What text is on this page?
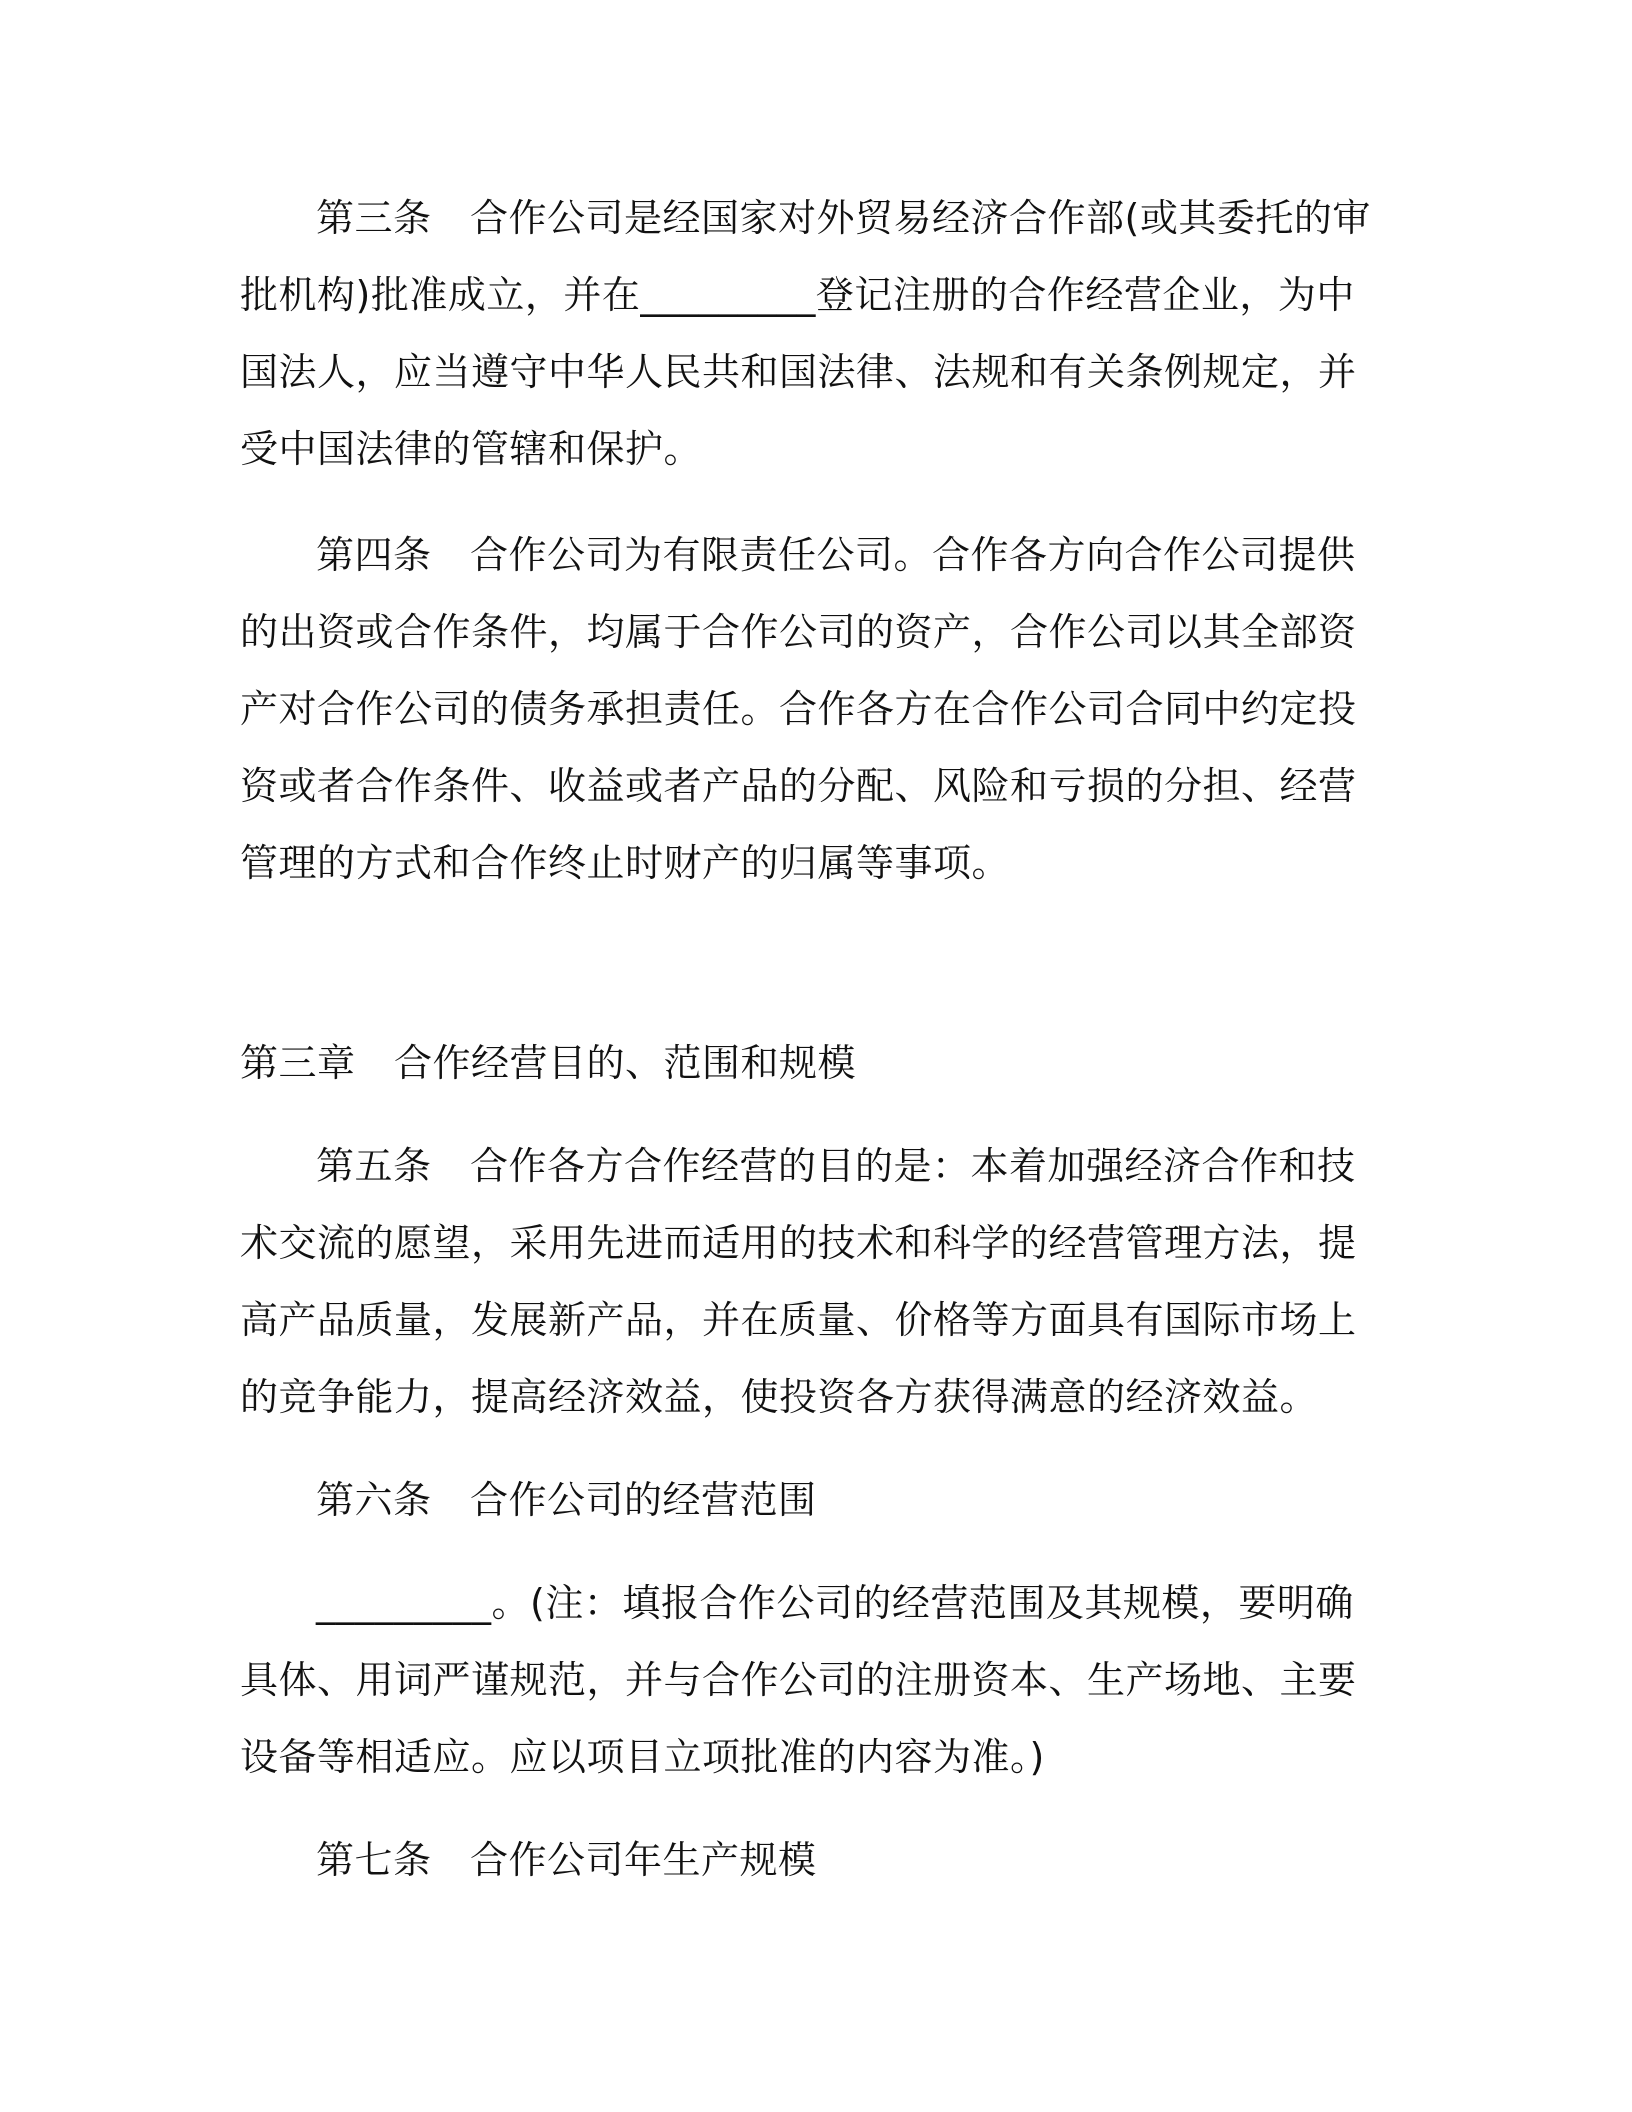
第三条　合作公司是经国家对外贸易经济合作部(或其委托的审批机构)批准成立，并在_________登记注册的合作经营企业，为中国法人，应当遵守中华人民共和国法律、法规和有关条例规定，并受中国法律的管辖和保护。

第四条　合作公司为有限责任公司。合作各方向合作公司提供的出资或合作条件，均属于合作公司的资产，合作公司以其全部资产对合作公司的债务承担责任。合作各方在合作公司合同中约定投资或者合作条件、收益或者产品的分配、风险和亏损的分担、经营管理的方式和合作终止时财产的归属等事项。

第三章　合作经营目的、范围和规模

第五条　合作各方合作经营的目的是：本着加强经济合作和技术交流的愿望，采用先进而适用的技术和科学的经营管理方法，提高产品质量，发展新产品，并在质量、价格等方面具有国际市场上的竞争能力，提高经济效益，使投资各方获得满意的经济效益。

第六条　合作公司的经营范围

_________。(注：填报合作公司的经营范围及其规模，要明确具体、用词严谨规范，并与合作公司的注册资本、生产场地、主要设备等相适应。应以项目立项批准的内容为准。)

第七条　合作公司年生产规模
